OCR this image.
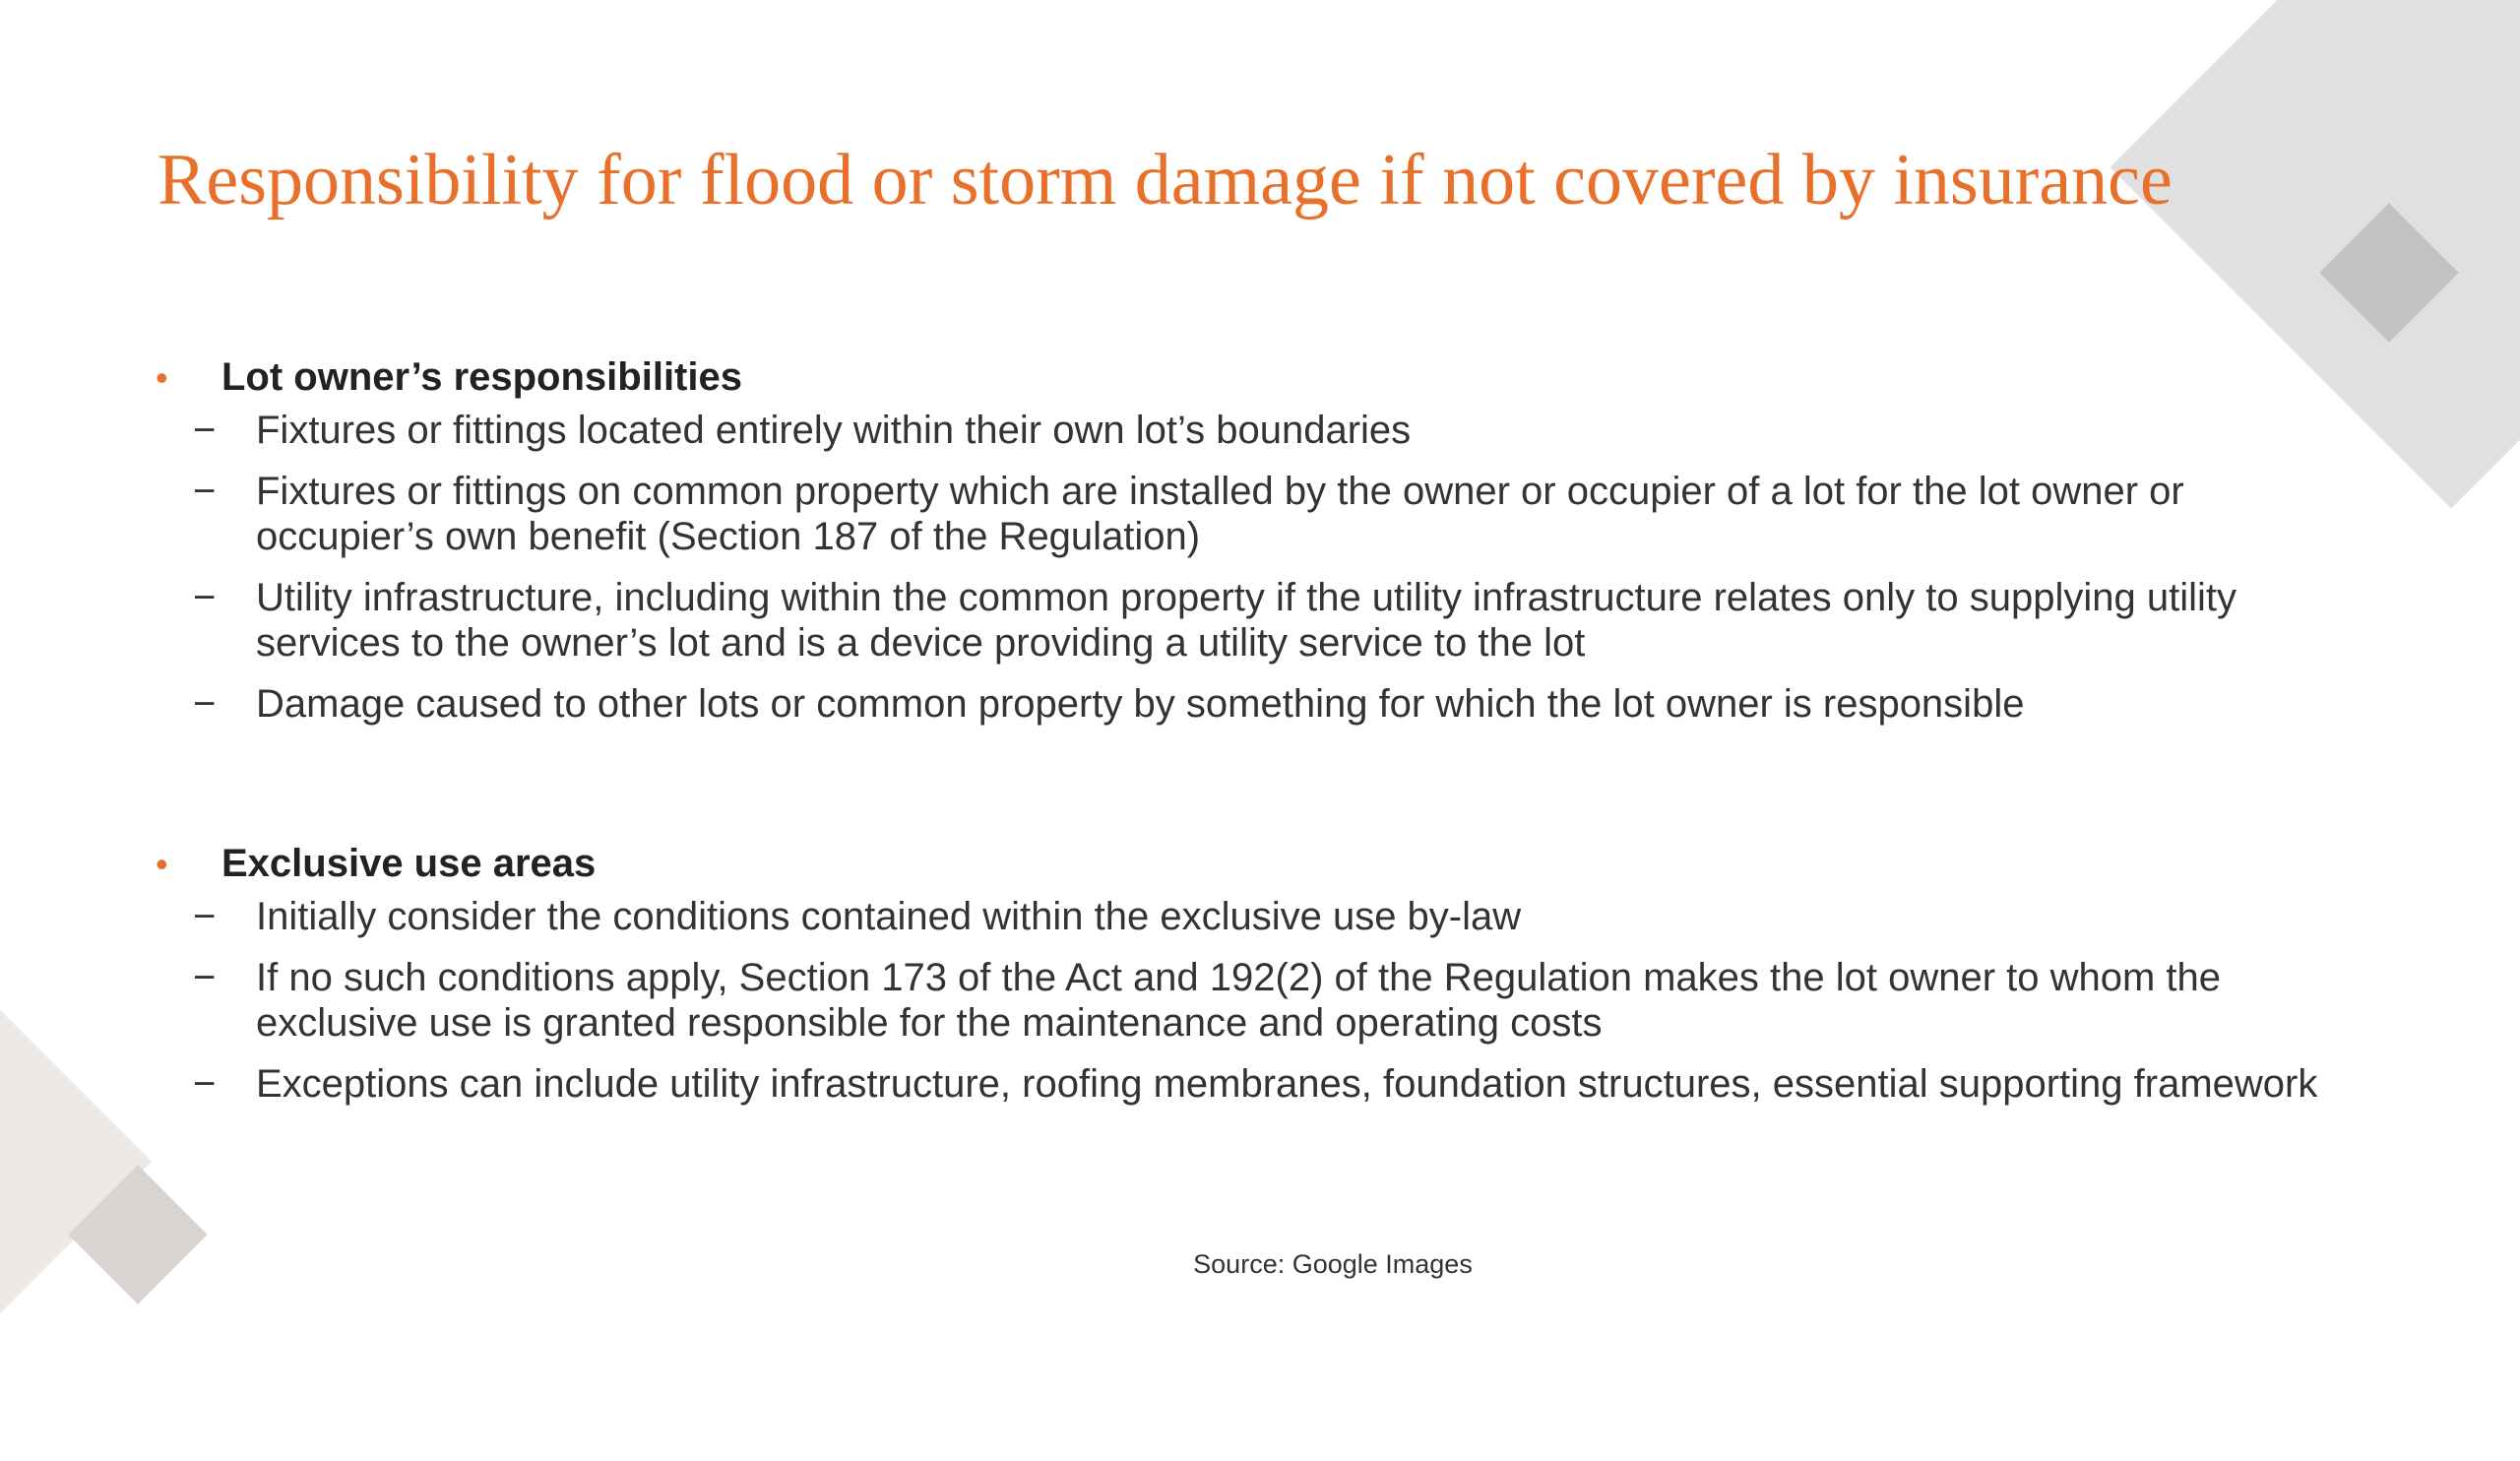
Responsibility for flood or storm damage if not covered by insurance
• Lot owner’s responsibilities
− Fixtures or fittings located entirely within their own lot’s boundaries
− Fixtures or fittings on common property which are installed by the owner or occupier of a lot for the lot owner or occupier’s own benefit (Section 187 of the Regulation)
− Utility infrastructure, including within the common property if the utility infrastructure relates only to supplying utility services to the owner’s lot and is a device providing a utility service to the lot
− Damage caused to other lots or common property by something for which the lot owner is responsible
• Exclusive use areas
− Initially consider the conditions contained within the exclusive use by-law
− If no such conditions apply, Section 173 of the Act and 192(2) of the Regulation makes the lot owner to whom the exclusive use is granted responsible for the maintenance and operating costs
− Exceptions can include utility infrastructure, roofing membranes, foundation structures, essential supporting framework
Source: Google Images
